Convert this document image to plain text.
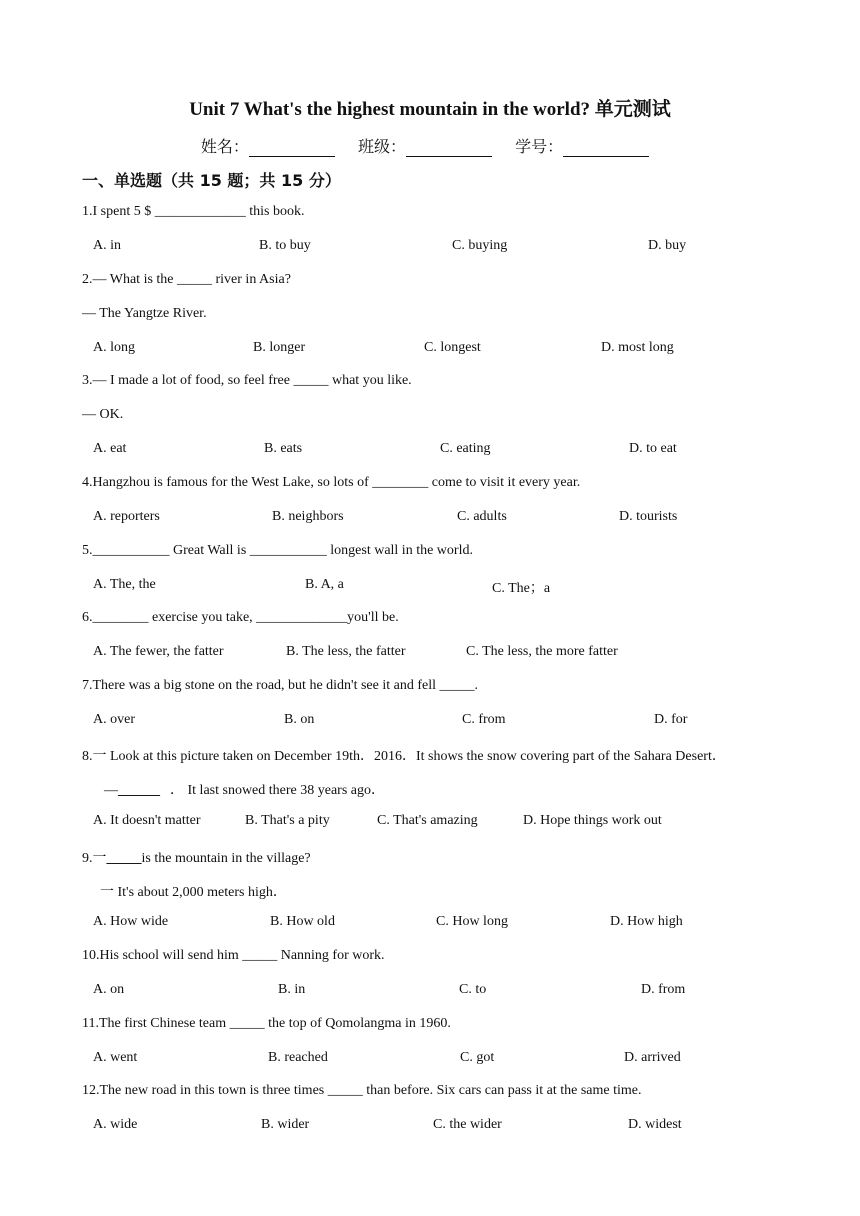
Unit 7 What's the highest mountain in the world? 单元测试
姓名：	班级：	学号：
一、单选题（共 15 题；共 15 分）
1.I spent 5 $ _____________ this book.
A. in	B. to buy	C. buying	D. buy
2.— What is the _____ river in Asia?
— The Yangtze River.
A. long	B. longer	C. longest	D. most long
3.— I made a lot of food, so feel free _____ what you like.
— OK.
A. eat	B. eats	C. eating	D. to eat
4.Hangzhou is famous for the West Lake, so lots of ________ come to visit it every year.
A. reporters	B. neighbors	C. adults	D. tourists
5.___________ Great Wall is ___________ longest wall in the world.
A. The, the	B. A, a	C. The；a
6.________ exercise you take, _____________you'll be.
A. The fewer, the fatter	B. The less, the fatter	C. The less, the more fatter
7.There was a big stone on the road, but he didn't see it and fell _____.
A. over	B. on	C. from	D. for
8.一 Look at this picture taken on December 19th．2016．It shows the snow covering part of the Sahara Desert．
—______ ． It last snowed there 38 years ago．
A. It doesn't matter	B. That's a pity	C. That's amazing	D. Hope things work out
9.一_____is the mountain in the village?
一 It's about 2,000 meters high．
A. How wide	B. How old	C. How long	D. How high
10.His school will send him _____ Nanning for work.
A. on	B. in	C. to	D. from
11.The first Chinese team _____ the top of Qomolangma in 1960.
A. went	B. reached	C. got	D. arrived
12.The new road in this town is three times _____ than before. Six cars can pass it at the same time.
A. wide	B. wider	C. the wider	D. widest
